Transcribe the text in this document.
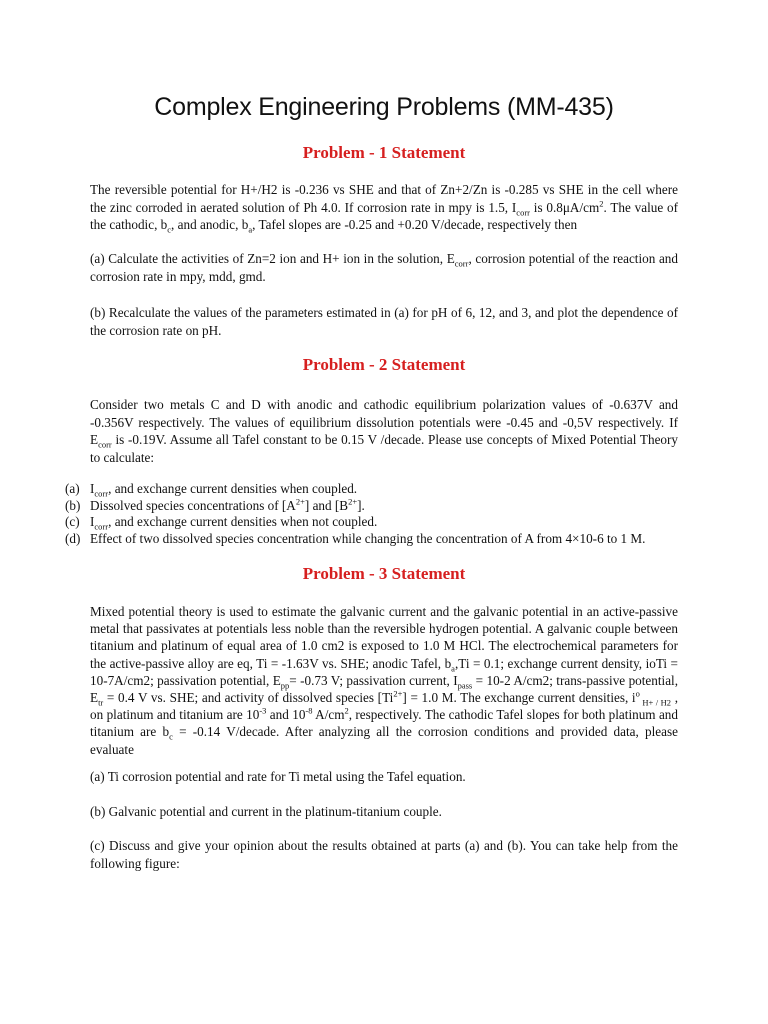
Complex Engineering Problems (MM-435)
Problem - 1 Statement
The reversible potential for H+/H2 is -0.236 vs SHE and that of Zn+2/Zn is -0.285 vs SHE in the cell where the zinc corroded in aerated solution of Ph 4.0. If corrosion rate in mpy is 1.5, $I_{corr}$ is $0.8\mu A/cm^2$. The value of the cathodic, $b_c$, and anodic, $b_a$, Tafel slopes are -0.25 and +0.20 V/decade, respectively then
(a) Calculate the activities of Zn=2 ion and H+ ion in the solution, $E_{corr}$, corrosion potential of the reaction and corrosion rate in mpy, mdd, gmd.
(b) Recalculate the values of the parameters estimated in (a) for pH of 6, 12, and 3, and plot the dependence of the corrosion rate on pH.
Problem - 2 Statement
Consider two metals C and D with anodic and cathodic equilibrium polarization values of -0.637V and -0.356V respectively. The values of equilibrium dissolution potentials were -0.45 and -0,5V respectively. If $E_{corr}$ is -0.19V. Assume all Tafel constant to be 0.15 V /decade. Please use concepts of Mixed Potential Theory to calculate:
(a) $I_{corr}$, and exchange current densities when coupled.
(b) Dissolved species concentrations of $[A^{2+}]$ and $[B^{2+}]$.
(c) $I_{corr}$, and exchange current densities when not coupled.
(d) Effect of two dissolved species concentration while changing the concentration of A from 4×10-6 to 1 M.
Problem - 3 Statement
Mixed potential theory is used to estimate the galvanic current and the galvanic potential in an active-passive metal that passivates at potentials less noble than the reversible hydrogen potential. A galvanic couple between titanium and platinum of equal area of 1.0 cm2 is exposed to 1.0 M HCl. The electrochemical parameters for the active-passive alloy are eq, Ti = -1.63V vs. SHE; anodic Tafel, $b_a,Ti = 0.1$; exchange current density, ioTi = 10-7A/cm2; passivation potential, $E_{pp}= -0.73$ V; passivation current, $I_{pass} = 10-2$ A/cm2; trans-passive potential, $E_{tr} = 0.4$ V vs. SHE; and activity of dissolved species $[Ti^{2+}] = 1.0$ M. The exchange current densities, $i^o$ $_{H+ / H2}$ , on platinum and titanium are $10^{-3}$ and $10^{-8}$ $A/cm^2$, respectively. The cathodic Tafel slopes for both platinum and titanium are $b_c = -0.14$ V/decade. After analyzing all the corrosion conditions and provided data, please evaluate
(a) Ti corrosion potential and rate for Ti metal using the Tafel equation.
(b) Galvanic potential and current in the platinum-titanium couple.
(c) Discuss and give your opinion about the results obtained at parts (a) and (b). You can take help from the following figure:
